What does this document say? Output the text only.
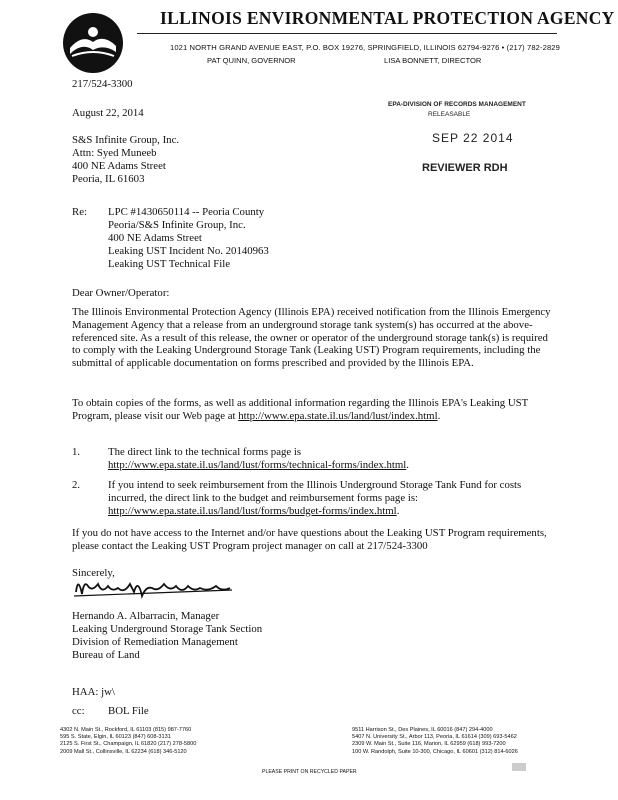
ILLINOIS ENVIRONMENTAL PROTECTION AGENCY
1021 NORTH GRAND AVENUE EAST, P.O. BOX 19276, SPRINGFIELD, ILLINOIS 62794-9276 • (217) 782-2829
PAT QUINN, GOVERNOR	LISA BONNETT, DIRECTOR
217/524-3300
August 22, 2014
EPA-DIVISION OF RECORDS MANAGEMENT
RELEASABLE
SEP 22 2014
REVIEWER RDH
S&S Infinite Group, Inc.
Attn: Syed Muneeb
400 NE Adams Street
Peoria, IL 61603
Re: LPC #1430650114 -- Peoria County
Peoria/S&S Infinite Group, Inc.
400 NE Adams Street
Leaking UST Incident No. 20140963
Leaking UST Technical File
Dear Owner/Operator:

The Illinois Environmental Protection Agency (Illinois EPA) received notification from the Illinois Emergency Management Agency that a release from an underground storage tank system(s) has occurred at the above-referenced site. As a result of this release, the owner or operator of the underground storage tank(s) is required to comply with the Leaking Underground Storage Tank (Leaking UST) Program requirements, including the submittal of applicable documentation on forms prescribed and provided by the Illinois EPA.

To obtain copies of the forms, as well as additional information regarding the Illinois EPA's Leaking UST Program, please visit our Web page at http://www.epa.state.il.us/land/lust/index.html.

1.	The direct link to the technical forms page is
http://www.epa.state.il.us/land/lust/forms/technical-forms/index.html.

2.	If you intend to seek reimbursement from the Illinois Underground Storage Tank Fund for costs incurred, the direct link to the budget and reimbursement forms page is: http://www.epa.state.il.us/land/lust/forms/budget-forms/index.html.

If you do not have access to the Internet and/or have questions about the Leaking UST Program requirements, please contact the Leaking UST Program project manager on call at 217/524-3300

Sincerely,
Hernando A. Albarracin, Manager
Leaking Underground Storage Tank Section
Division of Remediation Management
Bureau of Land
HAA: jw\
cc: BOL File
4302 N. Main St., Rockford, IL 61103 (815) 987-7760
595 S. State, Elgin, IL 60123 (847) 608-3131
2125 S. First St., Champaign, IL 61820 (217) 278-5800
2009 Mall St., Collinsville, IL 62234 (618) 346-5120
9511 Harrison St., Des Plaines, IL 60016 (847) 294-4000
5407 N. University St., Arbor 113, Peoria, IL 61614 (309) 693-5462
2309 W. Main St., Suite 116, Marion, IL 62959 (618) 993-7200
100 W. Randolph, Suite 10-300, Chicago, IL 60601 (312) 814-6026
PLEASE PRINT ON RECYCLED PAPER
